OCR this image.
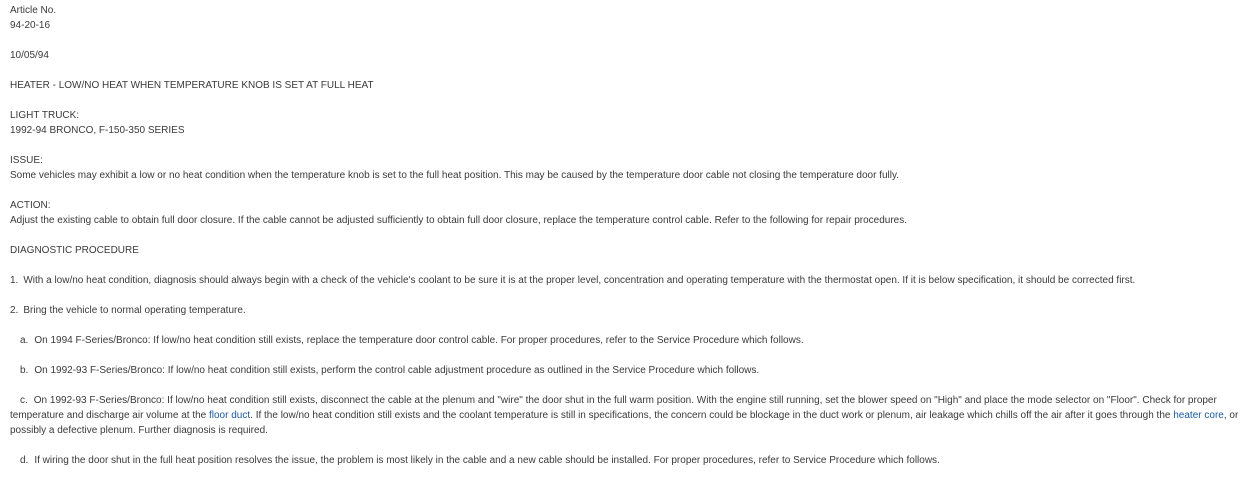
Article No.
94-20-16
10/05/94
HEATER - LOW/NO HEAT WHEN TEMPERATURE KNOB IS SET AT FULL HEAT
LIGHT TRUCK:
1992-94 BRONCO, F-150-350 SERIES
ISSUE:
Some vehicles may exhibit a low or no heat condition when the temperature knob is set to the full heat position. This may be caused by the temperature door cable not closing the temperature door fully.
ACTION:
Adjust the existing cable to obtain full door closure. If the cable cannot be adjusted sufficiently to obtain full door closure, replace the temperature control cable. Refer to the following for repair procedures.
DIAGNOSTIC PROCEDURE
1. With a low/no heat condition, diagnosis should always begin with a check of the vehicle's coolant to be sure it is at the proper level, concentration and operating temperature with the thermostat open. If it is below specification, it should be corrected first.
2. Bring the vehicle to normal operating temperature.
a. On 1994 F-Series/Bronco: If low/no heat condition still exists, replace the temperature door control cable. For proper procedures, refer to the Service Procedure which follows.
b. On 1992-93 F-Series/Bronco: If low/no heat condition still exists, perform the control cable adjustment procedure as outlined in the Service Procedure which follows.
c. On 1992-93 F-Series/Bronco: If low/no heat condition still exists, disconnect the cable at the plenum and "wire" the door shut in the full warm position. With the engine still running, set the blower speed on "High" and place the mode selector on "Floor". Check for proper temperature and discharge air volume at the floor duct. If the low/no heat condition still exists and the coolant temperature is still in specifications, the concern could be blockage in the duct work or plenum, air leakage which chills off the air after it goes through the heater core, or possibly a defective plenum. Further diagnosis is required.
d. If wiring the door shut in the full heat position resolves the issue, the problem is most likely in the cable and a new cable should be installed. For proper procedures, refer to Service Procedure which follows.
